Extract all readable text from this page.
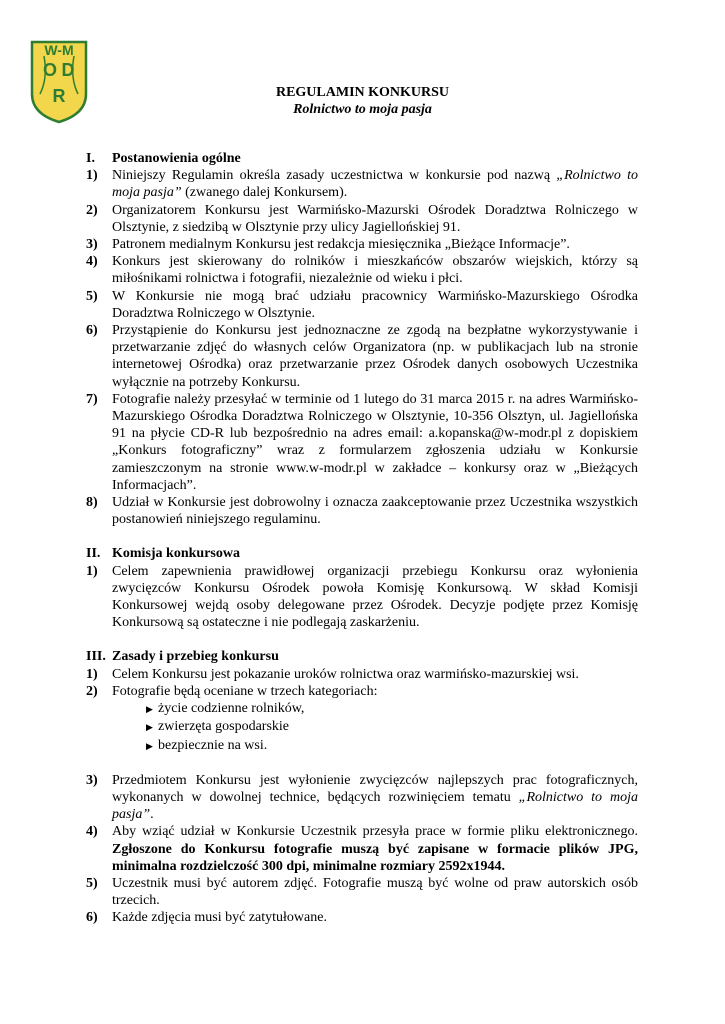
W-M
O D
R	REGULAMIN KONKURSU
Rolnictwo to moja pasja
I.	Postanowienia ogólne
1)	Niniejszy Regulamin określa zasady uczestnictwa w konkursie pod nazwą „Rolnictwo to moja pasja” (zwanego dalej Konkursem).
2)	Organizatorem Konkursu jest Warmińsko-Mazurski Ośrodek Doradztwa Rolniczego w Olsztynie, z siedzibą w Olsztynie przy ulicy Jagiellońskiej 91.
3)	Patronem medialnym Konkursu jest redakcja miesięcznika „Bieżące Informacje”.
4)	Konkurs jest skierowany do rolników i mieszkańców obszarów wiejskich, którzy są miłośnikami rolnictwa i fotografii, niezależnie od wieku i płci.
5)	W Konkursie nie mogą brać udziału pracownicy Warmińsko-Mazurskiego Ośrodka Doradztwa Rolniczego w Olsztynie.
6)	Przystąpienie do Konkursu jest jednoznaczne ze zgodą na bezpłatne wykorzystywanie i przetwarzanie zdjęć do własnych celów Organizatora (np. w publikacjach lub na stronie internetowej Ośrodka) oraz przetwarzanie przez Ośrodek danych osobowych Uczestnika wyłącznie na potrzeby Konkursu.
7)	Fotografie należy przesyłać w terminie od 1 lutego do 31 marca 2015 r. na adres Warmińsko-Mazurskiego Ośrodka Doradztwa Rolniczego w Olsztynie, 10-356 Olsztyn, ul. Jagiellońska 91 na płycie CD-R lub bezpośrednio na adres email: a.kopanska@w-modr.pl z dopiskiem „Konkurs fotograficzny” wraz z formularzem zgłoszenia udziału w Konkursie zamieszczonym na stronie www.w-modr.pl w zakładce – konkursy oraz w „Bieżących Informacjach”.
8)	Udział w Konkursie jest dobrowolny i oznacza zaakceptowanie przez Uczestnika wszystkich postanowień niniejszego regulaminu.
II. Komisja konkursowa
1)	Celem zapewnienia prawidłowej organizacji przebiegu Konkursu oraz wyłonienia zwycięzców Konkursu Ośrodek powoła Komisję Konkursową. W skład Komisji Konkursowej wejdą osoby delegowane przez Ośrodek. Decyzje podjęte przez Komisję Konkursową są ostateczne i nie podlegają zaskarżeniu.
III. Zasady i przebieg konkursu
1)	Celem Konkursu jest pokazanie uroków rolnictwa oraz warmińsko-mazurskiej wsi.
2)	Fotografie będą oceniane w trzech kategoriach:
▶ życie codzienne rolników,
▶ zwierzęta gospodarskie
▶ bezpiecznie na wsi.
3)	Przedmiotem Konkursu jest wyłonienie zwycięzców najlepszych prac fotograficznych, wykonanych w dowolnej technice, będących rozwinięciem tematu „Rolnictwo to moja pasja”.
4)	Aby wziąć udział w Konkursie Uczestnik przesyła prace w formie pliku elektronicznego. Zgłoszone do Konkursu fotografie muszą być zapisane w formacie plików JPG, minimalna rozdzielczość 300 dpi, minimalne rozmiary 2592x1944.
5)	Uczestnik musi być autorem zdjęć. Fotografie muszą być wolne od praw autorskich osób trzecich.
6)	Każde zdjęcia musi być zatytułowane.
